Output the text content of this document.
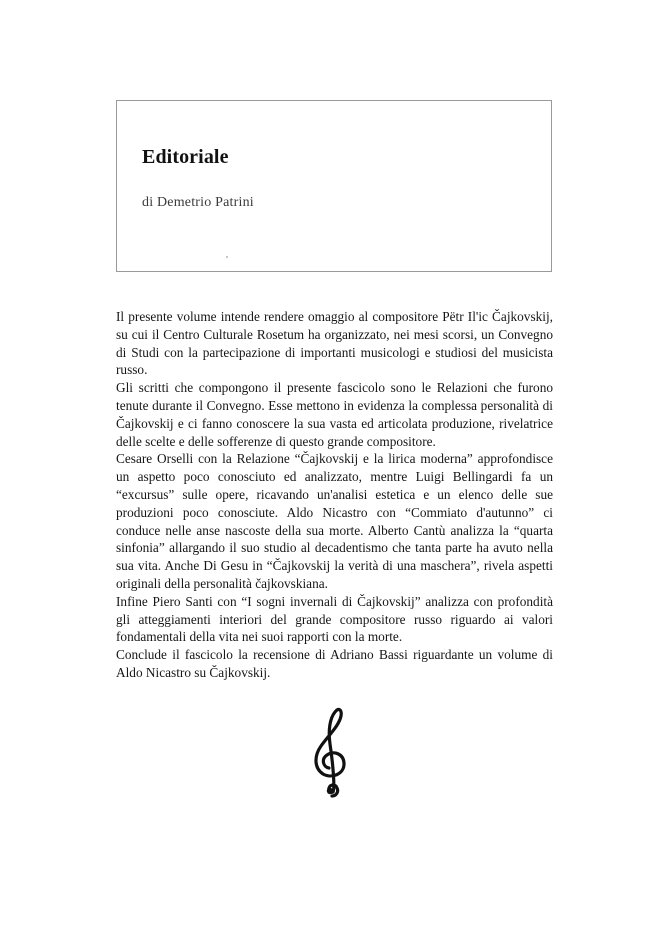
Editoriale

di Demetrio Patrini

Il presente volume intende rendere omaggio al compositore Pëtr Il'ic Čajkovskij, su cui il Centro Culturale Rosetum ha organizzato, nei mesi scorsi, un Convegno di Studi con la partecipazione di importanti musicologi e studiosi del musicista russo.

Gli scritti che compongono il presente fascicolo sono le Relazioni che furono tenute durante il Convegno. Esse mettono in evidenza la complessa personalità di Čajkovskij e ci fanno conoscere la sua vasta ed articolata produzione, rivelatrice delle scelte e delle sofferenze di questo grande compositore.

Cesare Orselli con la Relazione “Čajkovskij e la lirica moderna” approfondisce un aspetto poco conosciuto ed analizzato, mentre Luigi Bellingardi fa un “excursus” sulle opere, ricavando un'analisi estetica e un elenco delle sue produzioni poco conosciute. Aldo Nicastro con “Commiato d'autunno” ci conduce nelle anse nascoste della sua morte. Alberto Cantù analizza la “quarta sinfonia” allargando il suo studio al decadentismo che tanta parte ha avuto nella sua vita. Anche Di Gesu in “Čajkovskij la verità di una maschera”, rivela aspetti originali della personalità čajkovskiana.

Infine Piero Santi con “I sogni invernali di Čajkovskij” analizza con profondità gli atteggiamenti interiori del grande compositore russo riguardo ai valori fondamentali della vita nei suoi rapporti con la morte.

Conclude il fascicolo la recensione di Adriano Bassi riguardante un volume di Aldo Nicastro su Čajkovskij.
